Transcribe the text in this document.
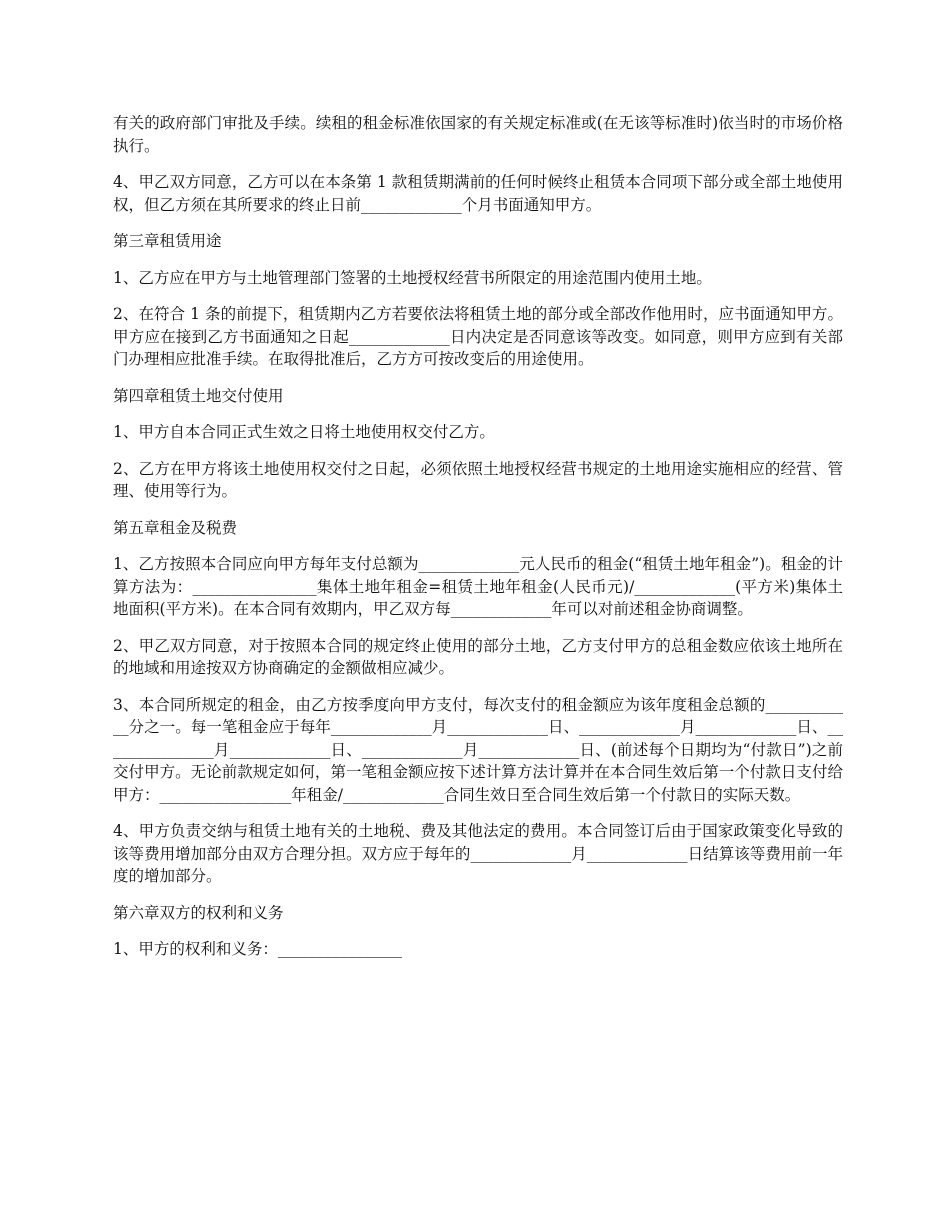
有关的政府部门审批及手续。续租的租金标准依国家的有关规定标准或(在无该等标准时)依当时的市场价格执行。

4、甲乙双方同意，乙方可以在本条第 1 款租赁期满前的任何时候终止租赁本合同项下部分或全部土地使用权，但乙方须在其所要求的终止日前_____________个月书面通知甲方。

第三章租赁用途

1、乙方应在甲方与土地管理部门签署的土地授权经营书所限定的用途范围内使用土地。

2、在符合 1 条的前提下，租赁期内乙方若要依法将租赁土地的部分或全部改作他用时，应书面通知甲方。甲方应在接到乙方书面通知之日起_____________日内决定是否同意该等改变。如同意，则甲方应到有关部门办理相应批准手续。在取得批准后，乙方方可按改变后的用途使用。

第四章租赁土地交付使用

1、甲方自本合同正式生效之日将土地使用权交付乙方。

2、乙方在甲方将该土地使用权交付之日起，必须依照土地授权经营书规定的土地用途实施相应的经营、管理、使用等行为。

第五章租金及税费

1、乙方按照本合同应向甲方每年支付总额为_____________元人民币的租金(“租赁土地年租金”)。租金的计算方法为：________________集体土地年租金=租赁土地年租金(人民币元)/_____________(平方米)集体土地面积(平方米)。在本合同有效期内，甲乙双方每_____________年可以对前述租金协商调整。

2、甲乙双方同意，对于按照本合同的规定终止使用的部分土地，乙方支付甲方的总租金数应依该土地所在的地域和用途按双方协商确定的金额做相应减少。

3、本合同所规定的租金，由乙方按季度向甲方支付，每次支付的租金额应为该年度租金总额的____________分之一。每一笔租金应于每年_____________月_____________日、_____________月_____________日、_______________月_____________日、_____________月_____________日、(前述每个日期均为“付款日”)之前交付甲方。无论前款规定如何，第一笔租金额应按下述计算方法计算并在本合同生效后第一个付款日支付给甲方：_________________年租金/_____________合同生效日至合同生效后第一个付款日的实际天数。

4、甲方负责交纳与租赁土地有关的土地税、费及其他法定的费用。本合同签订后由于国家政策变化导致的该等费用增加部分由双方合理分担。双方应于每年的_____________月_____________日结算该等费用前一年度的增加部分。

第六章双方的权利和义务

1、甲方的权利和义务：________________
